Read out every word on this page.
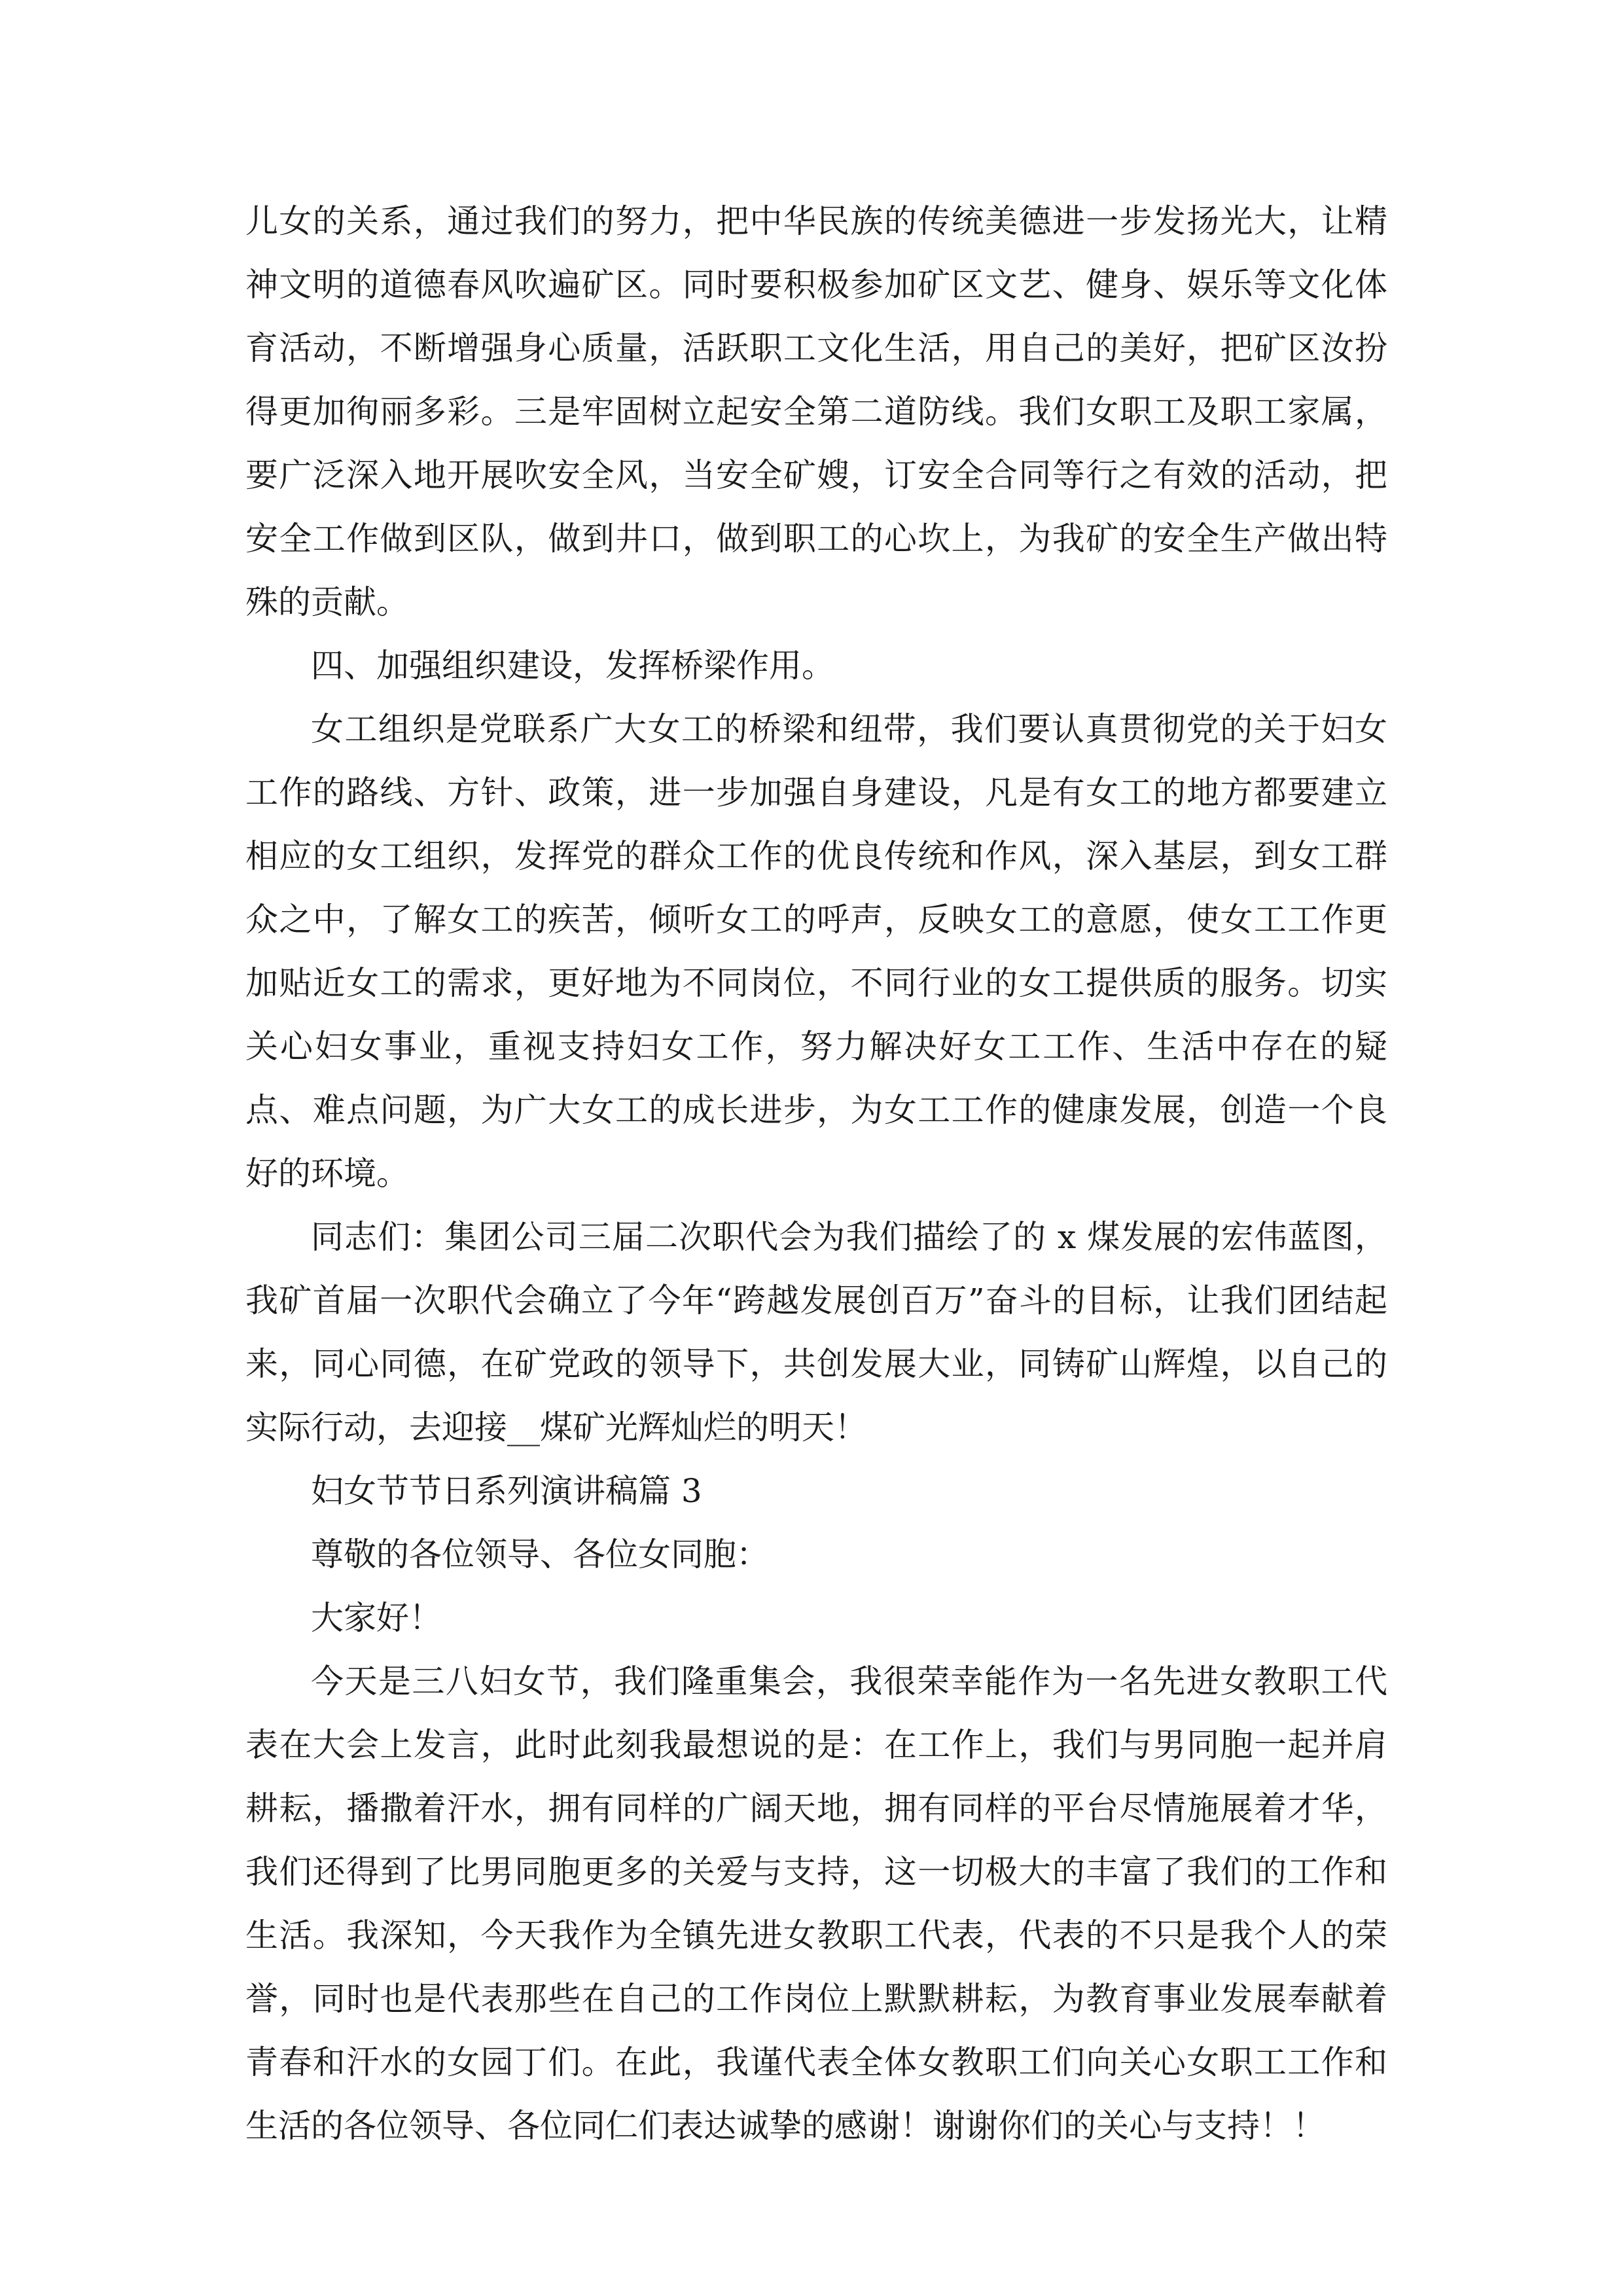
儿女的关系，通过我们的努力，把中华民族的传统美德进一步发扬光大，让精神文明的道德春风吹遍矿区。同时要积极参加矿区文艺、健身、娱乐等文化体育活动，不断增强身心质量，活跃职工文化生活，用自己的美好，把矿区汝扮得更加徇丽多彩。三是牢固树立起安全第二道防线。我们女职工及职工家属，要广泛深入地开展吹安全风，当安全矿嫂，订安全合同等行之有效的活动，把安全工作做到区队，做到井口，做到职工的心坎上，为我矿的安全生产做出特殊的贡献。

四、加强组织建设，发挥桥梁作用。

女工组织是党联系广大女工的桥梁和纽带，我们要认真贯彻党的关于妇女工作的路线、方针、政策，进一步加强自身建设，凡是有女工的地方都要建立相应的女工组织，发挥党的群众工作的优良传统和作风，深入基层，到女工群众之中，了解女工的疾苦，倾听女工的呼声，反映女工的意愿，使女工工作更加贴近女工的需求，更好地为不同岗位，不同行业的女工提供质的服务。切实关心妇女事业，重视支持妇女工作，努力解决好女工工作、生活中存在的疑点、难点问题，为广大女工的成长进步，为女工工作的健康发展，创造一个良好的环境。

同志们：集团公司三届二次职代会为我们描绘了的 x 煤发展的宏伟蓝图，我矿首届一次职代会确立了今年“跨越发展创百万”奋斗的目标，让我们团结起来，同心同德，在矿党政的领导下，共创发展大业，同铸矿山辉煌，以自己的实际行动，去迎接__煤矿光辉灿烂的明天！

妇女节节日系列演讲稿篇 3

尊敬的各位领导、各位女同胞：

大家好！

今天是三八妇女节，我们隆重集会，我很荣幸能作为一名先进女教职工代表在大会上发言，此时此刻我最想说的是：在工作上，我们与男同胞一起并肩耕耘，播撒着汗水，拥有同样的广阔天地，拥有同样的平台尽情施展着才华，我们还得到了比男同胞更多的关爱与支持，这一切极大的丰富了我们的工作和生活。我深知，今天我作为全镇先进女教职工代表，代表的不只是我个人的荣誉，同时也是代表那些在自己的工作岗位上默默耕耘，为教育事业发展奉献着青春和汗水的女园丁们。在此，我谨代表全体女教职工们向关心女职工工作和生活的各位领导、各位同仁们表达诚挚的感谢！谢谢你们的关心与支持！！
